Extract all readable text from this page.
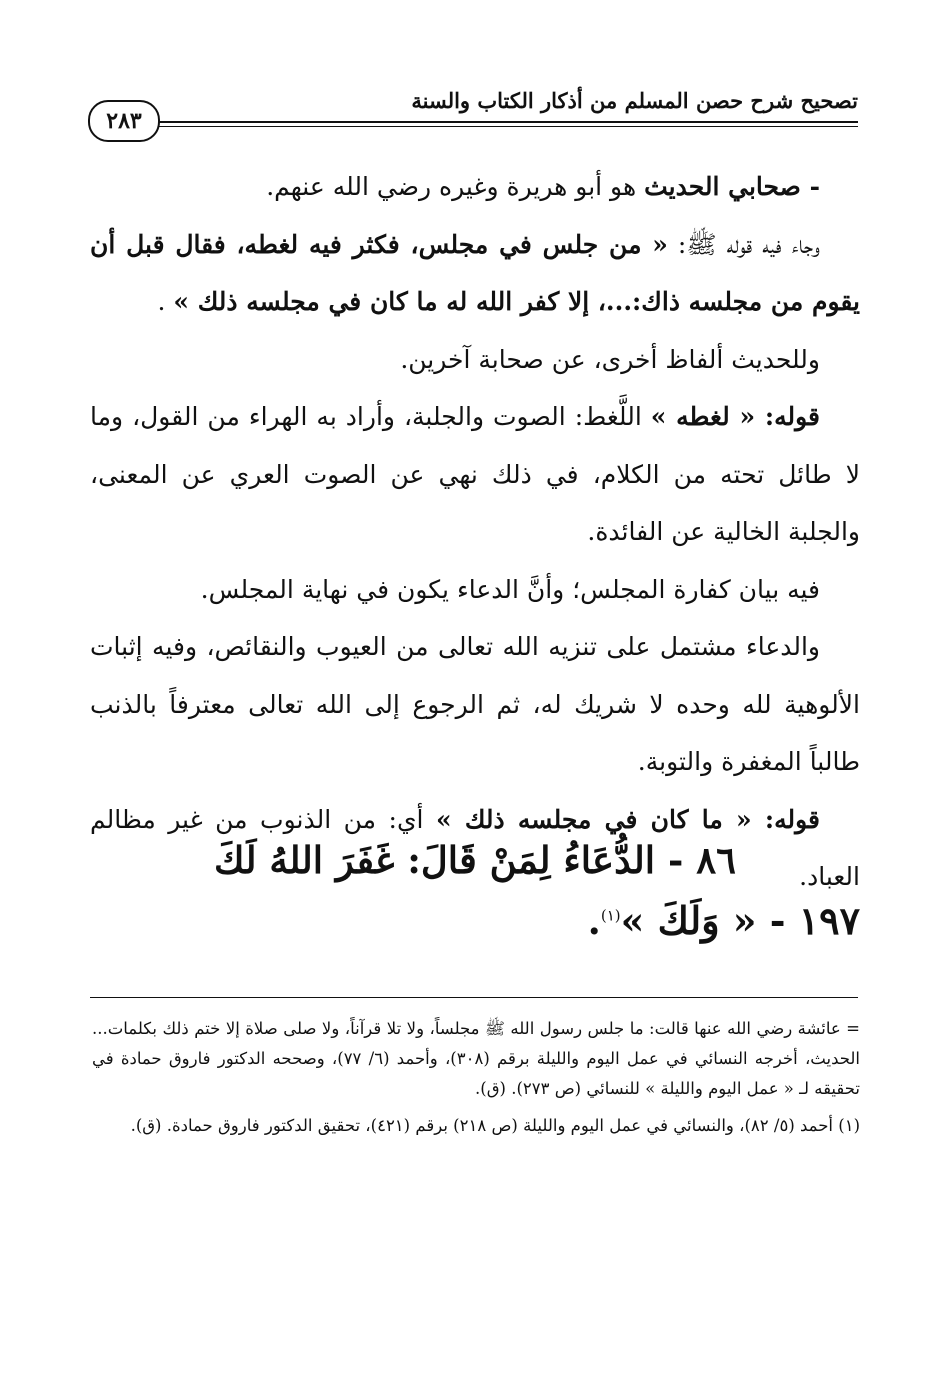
تصحيح شرح حصن المسلم من أذكار الكتاب والسنة
٢٨٣

- صحابي الحديث هو أبو هريرة وغيره رضي الله عنهم.

وجاء فيه قوله ﷺ: « من جلس في مجلس، فكثر فيه لغطه، فقال قبل أن يقوم من مجلسه ذاك:...، إلا كفر الله له ما كان في مجلسه ذلك » .

وللحديث ألفاظ أخرى، عن صحابة آخرين.

قوله: « لغطه » اللَّغط: الصوت والجلبة، وأراد به الهراء من القول، وما لا طائل تحته من الكلام، في ذلك نهي عن الصوت العري عن المعنى، والجلبة الخالية عن الفائدة.

فيه بيان كفارة المجلس؛ وأنَّ الدعاء يكون في نهاية المجلس.

والدعاء مشتمل على تنزيه الله تعالى من العيوب والنقائص، وفيه إثبات الألوهية لله وحده لا شريك له، ثم الرجوع إلى الله تعالى معترفاً بالذنب طالباً المغفرة والتوبة.

قوله: « ما كان في مجلسه ذلك » أي: من الذنوب من غير مظالم العباد.

٨٦ - الدُّعَاءُ لِمَنْ قَالَ: غَفَرَ اللهُ لَكَ
١٩٧ - « وَلَكَ »$^{(١)}$.

= عائشة رضي الله عنها قالت: ما جلس رسول الله ﷺ مجلساً، ولا تلا قرآناً، ولا صلى صلاة إلا ختم ذلك بكلمات... الحديث، أخرجه النسائي في عمل اليوم والليلة برقم (٣٠٨)، وأحمد (٦/ ٧٧)، وصححه الدكتور فاروق حمادة في تحقيقه لـ « عمل اليوم والليلة » للنسائي (ص ٢٧٣). (ق).

(١) أحمد (٥/ ٨٢)، والنسائي في عمل اليوم والليلة (ص ٢١٨) برقم (٤٢١)، تحقيق الدكتور فاروق حمادة. (ق).
